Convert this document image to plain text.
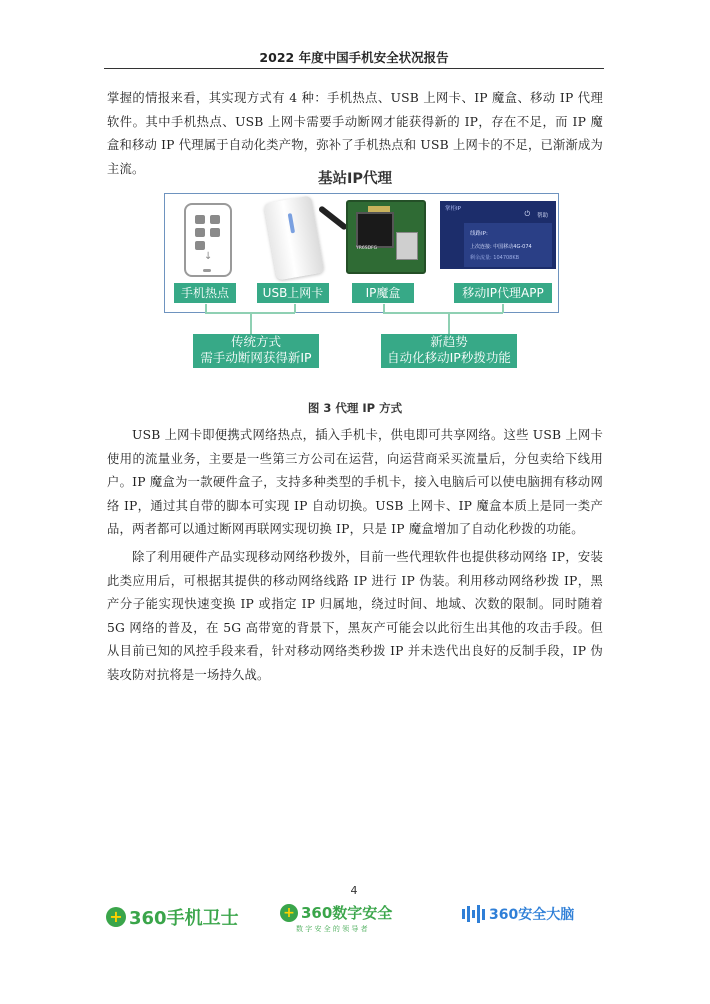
2022 年度中国手机安全状况报告

掌握的情报来看，其实现方式有 4 种：手机热点、USB 上网卡、IP 魔盒、移动 IP 代理软件。其中手机热点、USB 上网卡需要手动断网才能获得新的 IP，存在不足，而 IP 魔盒和移动 IP 代理属于自动化类产物，弥补了手机热点和 USB 上网卡的不足，已渐渐成为主流。

基站IP代理
↓
YR6SDFG
掌柜IP
⏻ 帮助
线路IP:
上次连接: 中国移动4G-074
剩余流量: 104708KB
手机热点	USB上网卡	IP魔盒	移动IP代理APP
传统方式
需手动断网获得新IP
新趋势
自动化移动IP秒拨功能
图 3 代理 IP 方式

USB 上网卡即便携式网络热点，插入手机卡，供电即可共享网络。这些 USB 上网卡使用的流量业务，主要是一些第三方公司在运营，向运营商采买流量后，分包卖给下线用户。IP 魔盒为一款硬件盒子，支持多种类型的手机卡，接入电脑后可以使电脑拥有移动网络 IP，通过其自带的脚本可实现 IP 自动切换。USB 上网卡、IP 魔盒本质上是同一类产品，两者都可以通过断网再联网实现切换 IP，只是 IP 魔盒增加了自动化秒拨的功能。

除了利用硬件产品实现移动网络秒拨外，目前一些代理软件也提供移动网络 IP，安装此类应用后，可根据其提供的移动网络线路 IP 进行 IP 伪装。利用移动网络秒拨 IP，黑产分子能实现快速变换 IP 或指定 IP 归属地，绕过时间、地域、次数的限制。同时随着 5G 网络的普及，在 5G 高带宽的背景下，黑灰产可能会以此衍生出其他的攻击手段。但从目前已知的风控手段来看，针对移动网络类秒拨 IP 并未迭代出良好的反制手段，IP 伪装攻防对抗将是一场持久战。

4
+ 360手机卫士	+ 360数字安全
数 字 安 全 的 领 导 者
360安全大脑
